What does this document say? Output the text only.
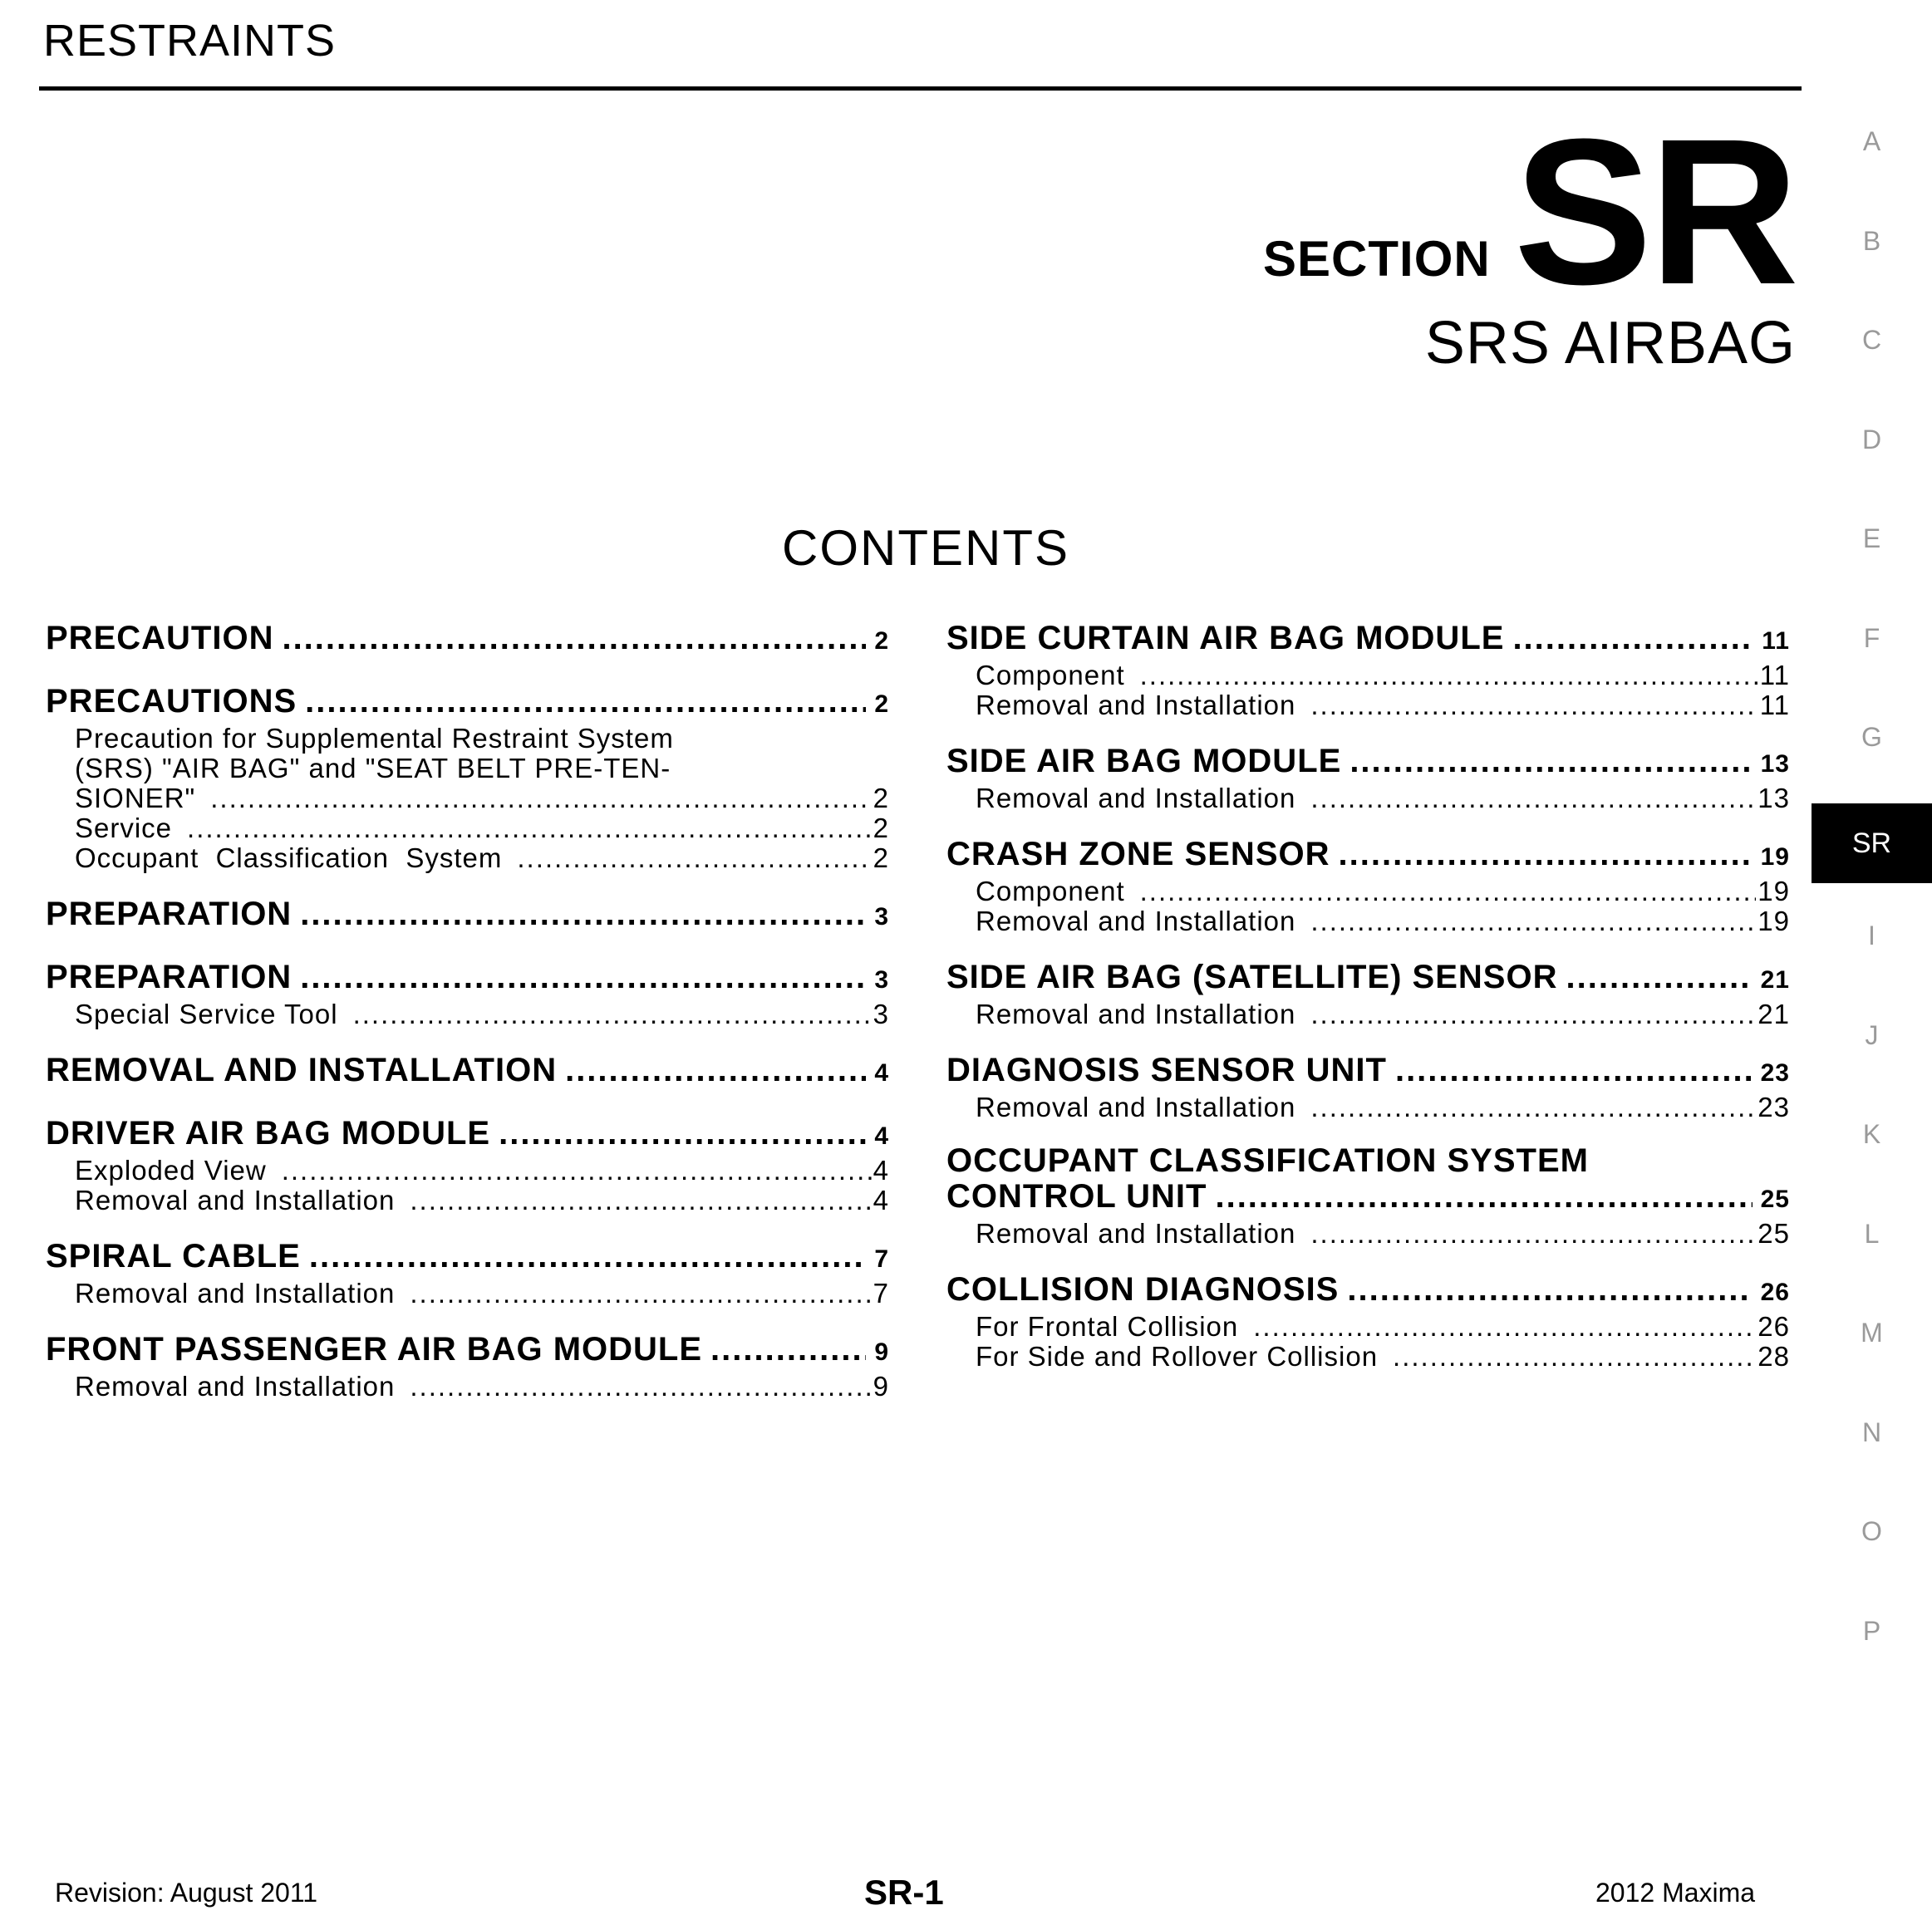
RESTRAINTS
SECTION SR
SRS AIRBAG
CONTENTS
PRECAUTION .....	2
PRECAUTIONS .....	2
Precaution for Supplemental Restraint System
(SRS) "AIR BAG" and "SEAT BELT PRE-TEN-
SIONER" .....	2
Service .....	2
Occupant  Classification  System .....	2
PREPARATION .....	3
PREPARATION .....	3
Special Service Tool .....	3
REMOVAL AND INSTALLATION .....	4
DRIVER AIR BAG MODULE .....	4
Exploded View .....	4
Removal and Installation .....	4
SPIRAL CABLE .....	7
Removal and Installation .....	7
FRONT PASSENGER AIR BAG MODULE .....	9
Removal and Installation .....	9
SIDE CURTAIN AIR BAG MODULE .....	11
Component .....	11
Removal and Installation .....	11
SIDE AIR BAG MODULE .....	13
Removal and Installation .....	13
CRASH ZONE SENSOR .....	19
Component .....	19
Removal and Installation .....	19
SIDE AIR BAG (SATELLITE) SENSOR .....	21
Removal and Installation .....	21
DIAGNOSIS SENSOR UNIT .....	23
Removal and Installation .....	23
OCCUPANT CLASSIFICATION SYSTEM
CONTROL UNIT .....	25
Removal and Installation .....	25
COLLISION DIAGNOSIS .....	26
For Frontal Collision .....	26
For Side and Rollover Collision .....	28
A
B
C
D
E
F
G
SR
I
J
K
L
M
N
O
P
Revision: August 2011	SR-1	2012 Maxima
